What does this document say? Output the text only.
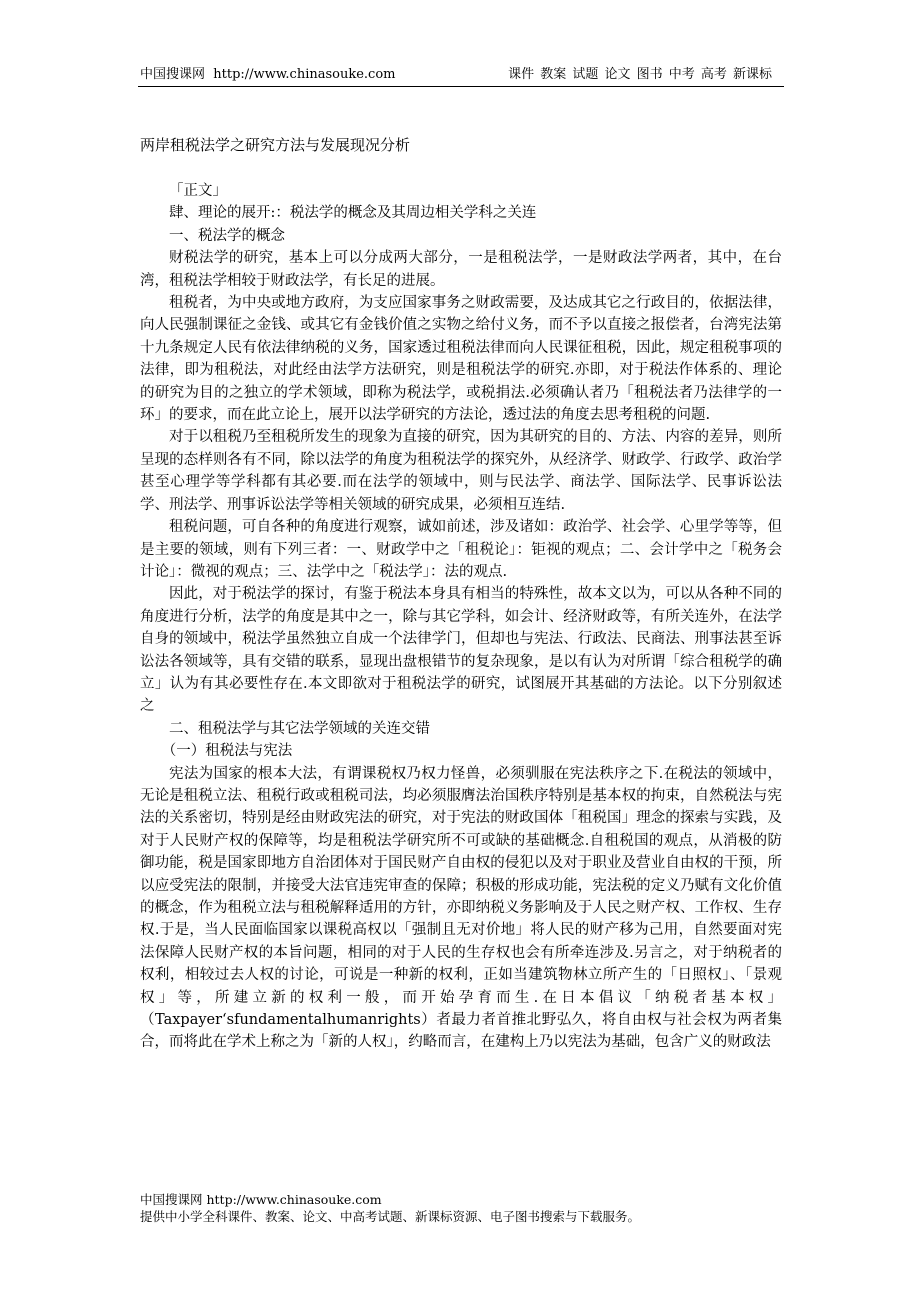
中国搜课网 http://www.chinasouke.com	课件 教案 试题 论文 图书 中考 高考 新课标
两岸租税法学之研究方法与发展现况分析

「正文」

肆、理论的展开:：税法学的概念及其周边相关学科之关连

一、税法学的概念

财税法学的研究，基本上可以分成两大部分，一是租税法学，一是财政法学两者，其中，在台湾，租税法学相较于财政法学，有长足的进展。

租税者，为中央或地方政府，为支应国家事务之财政需要，及达成其它之行政目的，依据法律，向人民强制课征之金钱、或其它有金钱价值之实物之给付义务，而不予以直接之报偿者，台湾宪法第十九条规定人民有依法律纳税的义务，国家透过租税法律而向人民课征租税，因此，规定租税事项的法律，即为租税法，对此经由法学方法研究，则是租税法学的研究.亦即，对于税法作体系的、理论的研究为目的之独立的学术领域，即称为税法学，或税捐法.必须确认者乃「租税法者乃法律学的一环」的要求，而在此立论上，展开以法学研究的方法论，透过法的角度去思考租税的问题.

对于以租税乃至租税所发生的现象为直接的研究，因为其研究的目的、方法、内容的差异，则所呈现的态样则各有不同，除以法学的角度为租税法学的探究外，从经济学、财政学、行政学、政治学甚至心理学等学科都有其必要.而在法学的领域中，则与民法学、商法学、国际法学、民事诉讼法学、刑法学、刑事诉讼法学等相关领域的研究成果，必须相互连结.

租税问题，可自各种的角度进行观察，诚如前述，涉及诸如：政治学、社会学、心里学等等，但是主要的领域，则有下列三者：一、财政学中之「租税论」：钜视的观点；二、会计学中之「税务会计论」：微视的观点；三、法学中之「税法学」：法的观点.

因此，对于税法学的探讨，有鉴于税法本身具有相当的特殊性，故本文以为，可以从各种不同的角度进行分析，法学的角度是其中之一，除与其它学科，如会计、经济财政等，有所关连外，在法学自身的领域中，税法学虽然独立自成一个法律学门，但却也与宪法、行政法、民商法、刑事法甚至诉讼法各领域等，具有交错的联系，显现出盘根错节的复杂现象，是以有认为对所谓「综合租税学的确立」认为有其必要性存在.本文即欲对于租税法学的研究，试图展开其基础的方法论。以下分别叙述之

二、租税法学与其它法学领域的关连交错

（一）租税法与宪法

宪法为国家的根本大法，有谓课税权乃权力怪兽，必须驯服在宪法秩序之下.在税法的领域中，无论是租税立法、租税行政或租税司法，均必须服膺法治国秩序特别是基本权的拘束，自然税法与宪法的关系密切，特别是经由财政宪法的研究，对于宪法的财政国体「租税国」理念的探索与实践，及对于人民财产权的保障等，均是租税法学研究所不可或缺的基础概念.自租税国的观点，从消极的防御功能，税是国家即地方自治团体对于国民财产自由权的侵犯以及对于职业及营业自由权的干预，所以应受宪法的限制，并接受大法官违宪审查的保障；积极的形成功能，宪法税的定义乃赋有文化价值的概念，作为租税立法与租税解释适用的方针，亦即纳税义务影响及于人民之财产权、工作权、生存权.于是，当人民面临国家以课税高权以「强制且无对价地」将人民的财产移为己用，自然要面对宪法保障人民财产权的本旨问题，相同的对于人民的生存权也会有所牵连涉及.另言之，对于纳税者的权利，相较过去人权的讨论，可说是一种新的权利，正如当建筑物林立所产生的「日照权」、「景观权」等，所建立新的权利一般，而开始孕育而生.在日本倡议「纳税者基本权」（Taxpayer‘sfundamentalhumanrights）者最力者首推北野弘久，将自由权与社会权为两者集合，而将此在学术上称之为「新的人权」，约略而言，在建构上乃以宪法为基础，包含广义的财政法

中国搜课网 http://www.chinasouke.com
提供中小学全科课件、教案、论文、中高考试题、新课标资源、电子图书搜索与下载服务。
